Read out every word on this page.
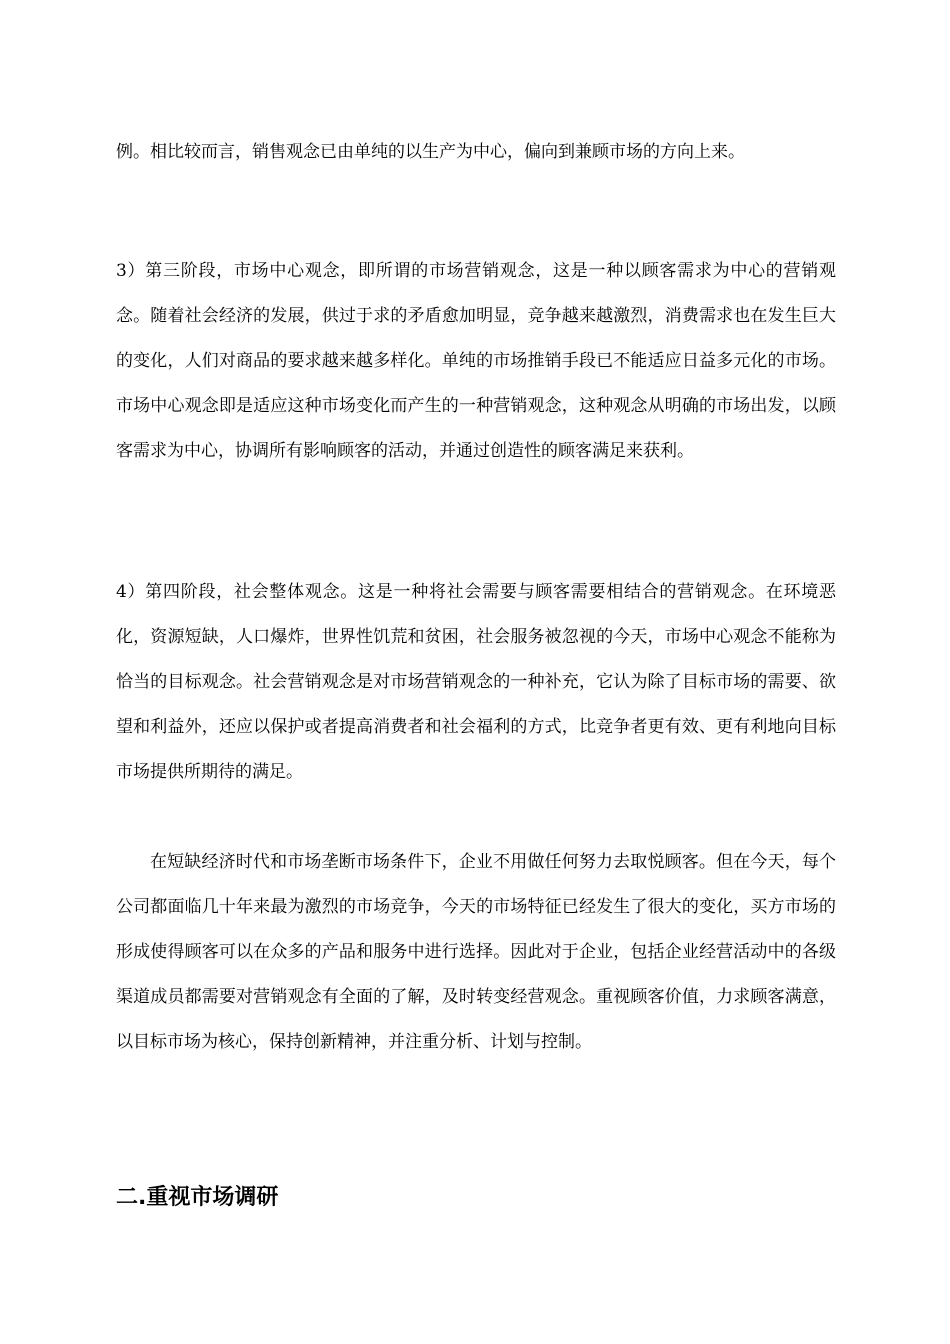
例。相比较而言，销售观念已由单纯的以生产为中心，偏向到兼顾市场的方向上来。

3）第三阶段，市场中心观念，即所谓的市场营销观念，这是一种以顾客需求为中心的营销观念。随着社会经济的发展，供过于求的矛盾愈加明显，竞争越来越激烈，消费需求也在发生巨大的变化，人们对商品的要求越来越多样化。单纯的市场推销手段已不能适应日益多元化的市场。市场中心观念即是适应这种市场变化而产生的一种营销观念，这种观念从明确的市场出发，以顾客需求为中心，协调所有影响顾客的活动，并通过创造性的顾客满足来获利。

4）第四阶段，社会整体观念。这是一种将社会需要与顾客需要相结合的营销观念。在环境恶化，资源短缺，人口爆炸，世界性饥荒和贫困，社会服务被忽视的今天，市场中心观念不能称为恰当的目标观念。社会营销观念是对市场营销观念的一种补充，它认为除了目标市场的需要、欲望和利益外，还应以保护或者提高消费者和社会福利的方式，比竞争者更有效、更有利地向目标市场提供所期待的满足。

在短缺经济时代和市场垄断市场条件下，企业不用做任何努力去取悦顾客。但在今天，每个公司都面临几十年来最为激烈的市场竞争，今天的市场特征已经发生了很大的变化，买方市场的形成使得顾客可以在众多的产品和服务中进行选择。因此对于企业，包括企业经营活动中的各级渠道成员都需要对营销观念有全面的了解，及时转变经营观念。重视顾客价值，力求顾客满意，以目标市场为核心，保持创新精神，并注重分析、计划与控制。

二.重视市场调研
